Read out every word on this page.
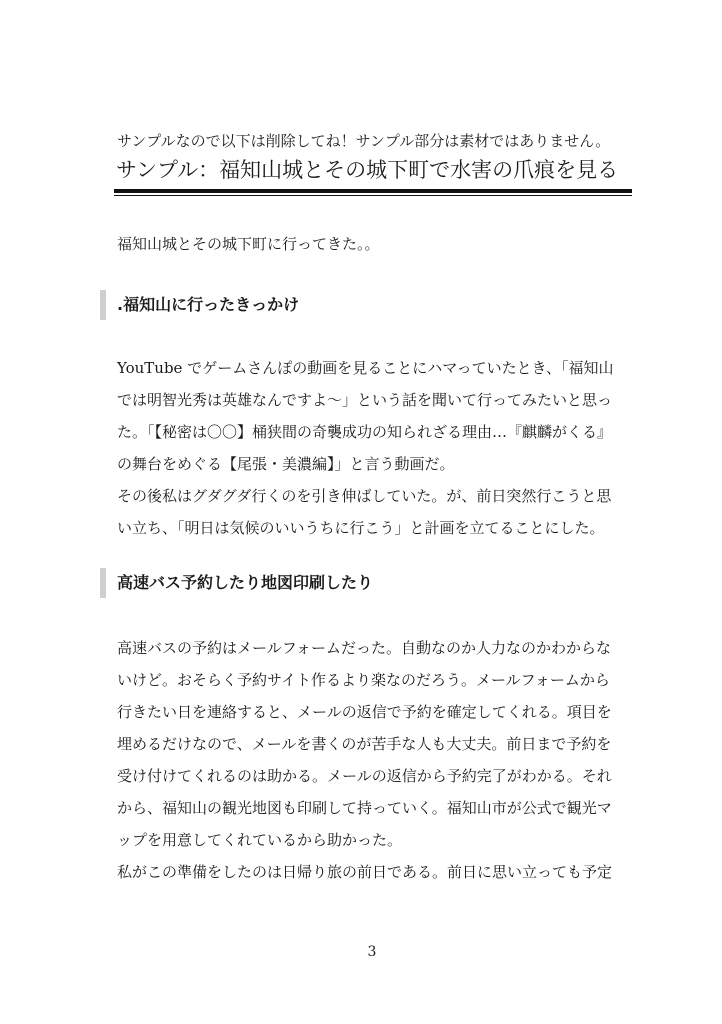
サンプルなので以下は削除してね！サンプル部分は素材ではありません。
サンプル：福知山城とその城下町で水害の爪痕を見る
福知山城とその城下町に行ってきた。。
.福知山に行ったきっかけ
YouTube でゲームさんぽの動画を見ることにハマっていたとき、「福知山
では明智光秀は英雄なんですよ〜」という話を聞いて行ってみたいと思っ
た。「【秘密は〇〇】桶狭間の奇襲成功の知られざる理由…『麒麟がくる』
の舞台をめぐる【尾張・美濃編】」と言う動画だ。
その後私はグダグダ行くのを引き伸ばしていた。が、前日突然行こうと思
い立ち、「明日は気候のいいうちに行こう」と計画を立てることにした。
高速バス予約したり地図印刷したり
高速バスの予約はメールフォームだった。自動なのか人力なのかわからな
いけど。おそらく予約サイト作るより楽なのだろう。メールフォームから
行きたい日を連絡すると、メールの返信で予約を確定してくれる。項目を
埋めるだけなので、メールを書くのが苦手な人も大丈夫。前日まで予約を
受け付けてくれるのは助かる。メールの返信から予約完了がわかる。それ
から、福知山の観光地図も印刷して持っていく。福知山市が公式で観光マ
ップを用意してくれているから助かった。
私がこの準備をしたのは日帰り旅の前日である。前日に思い立っても予定
3
